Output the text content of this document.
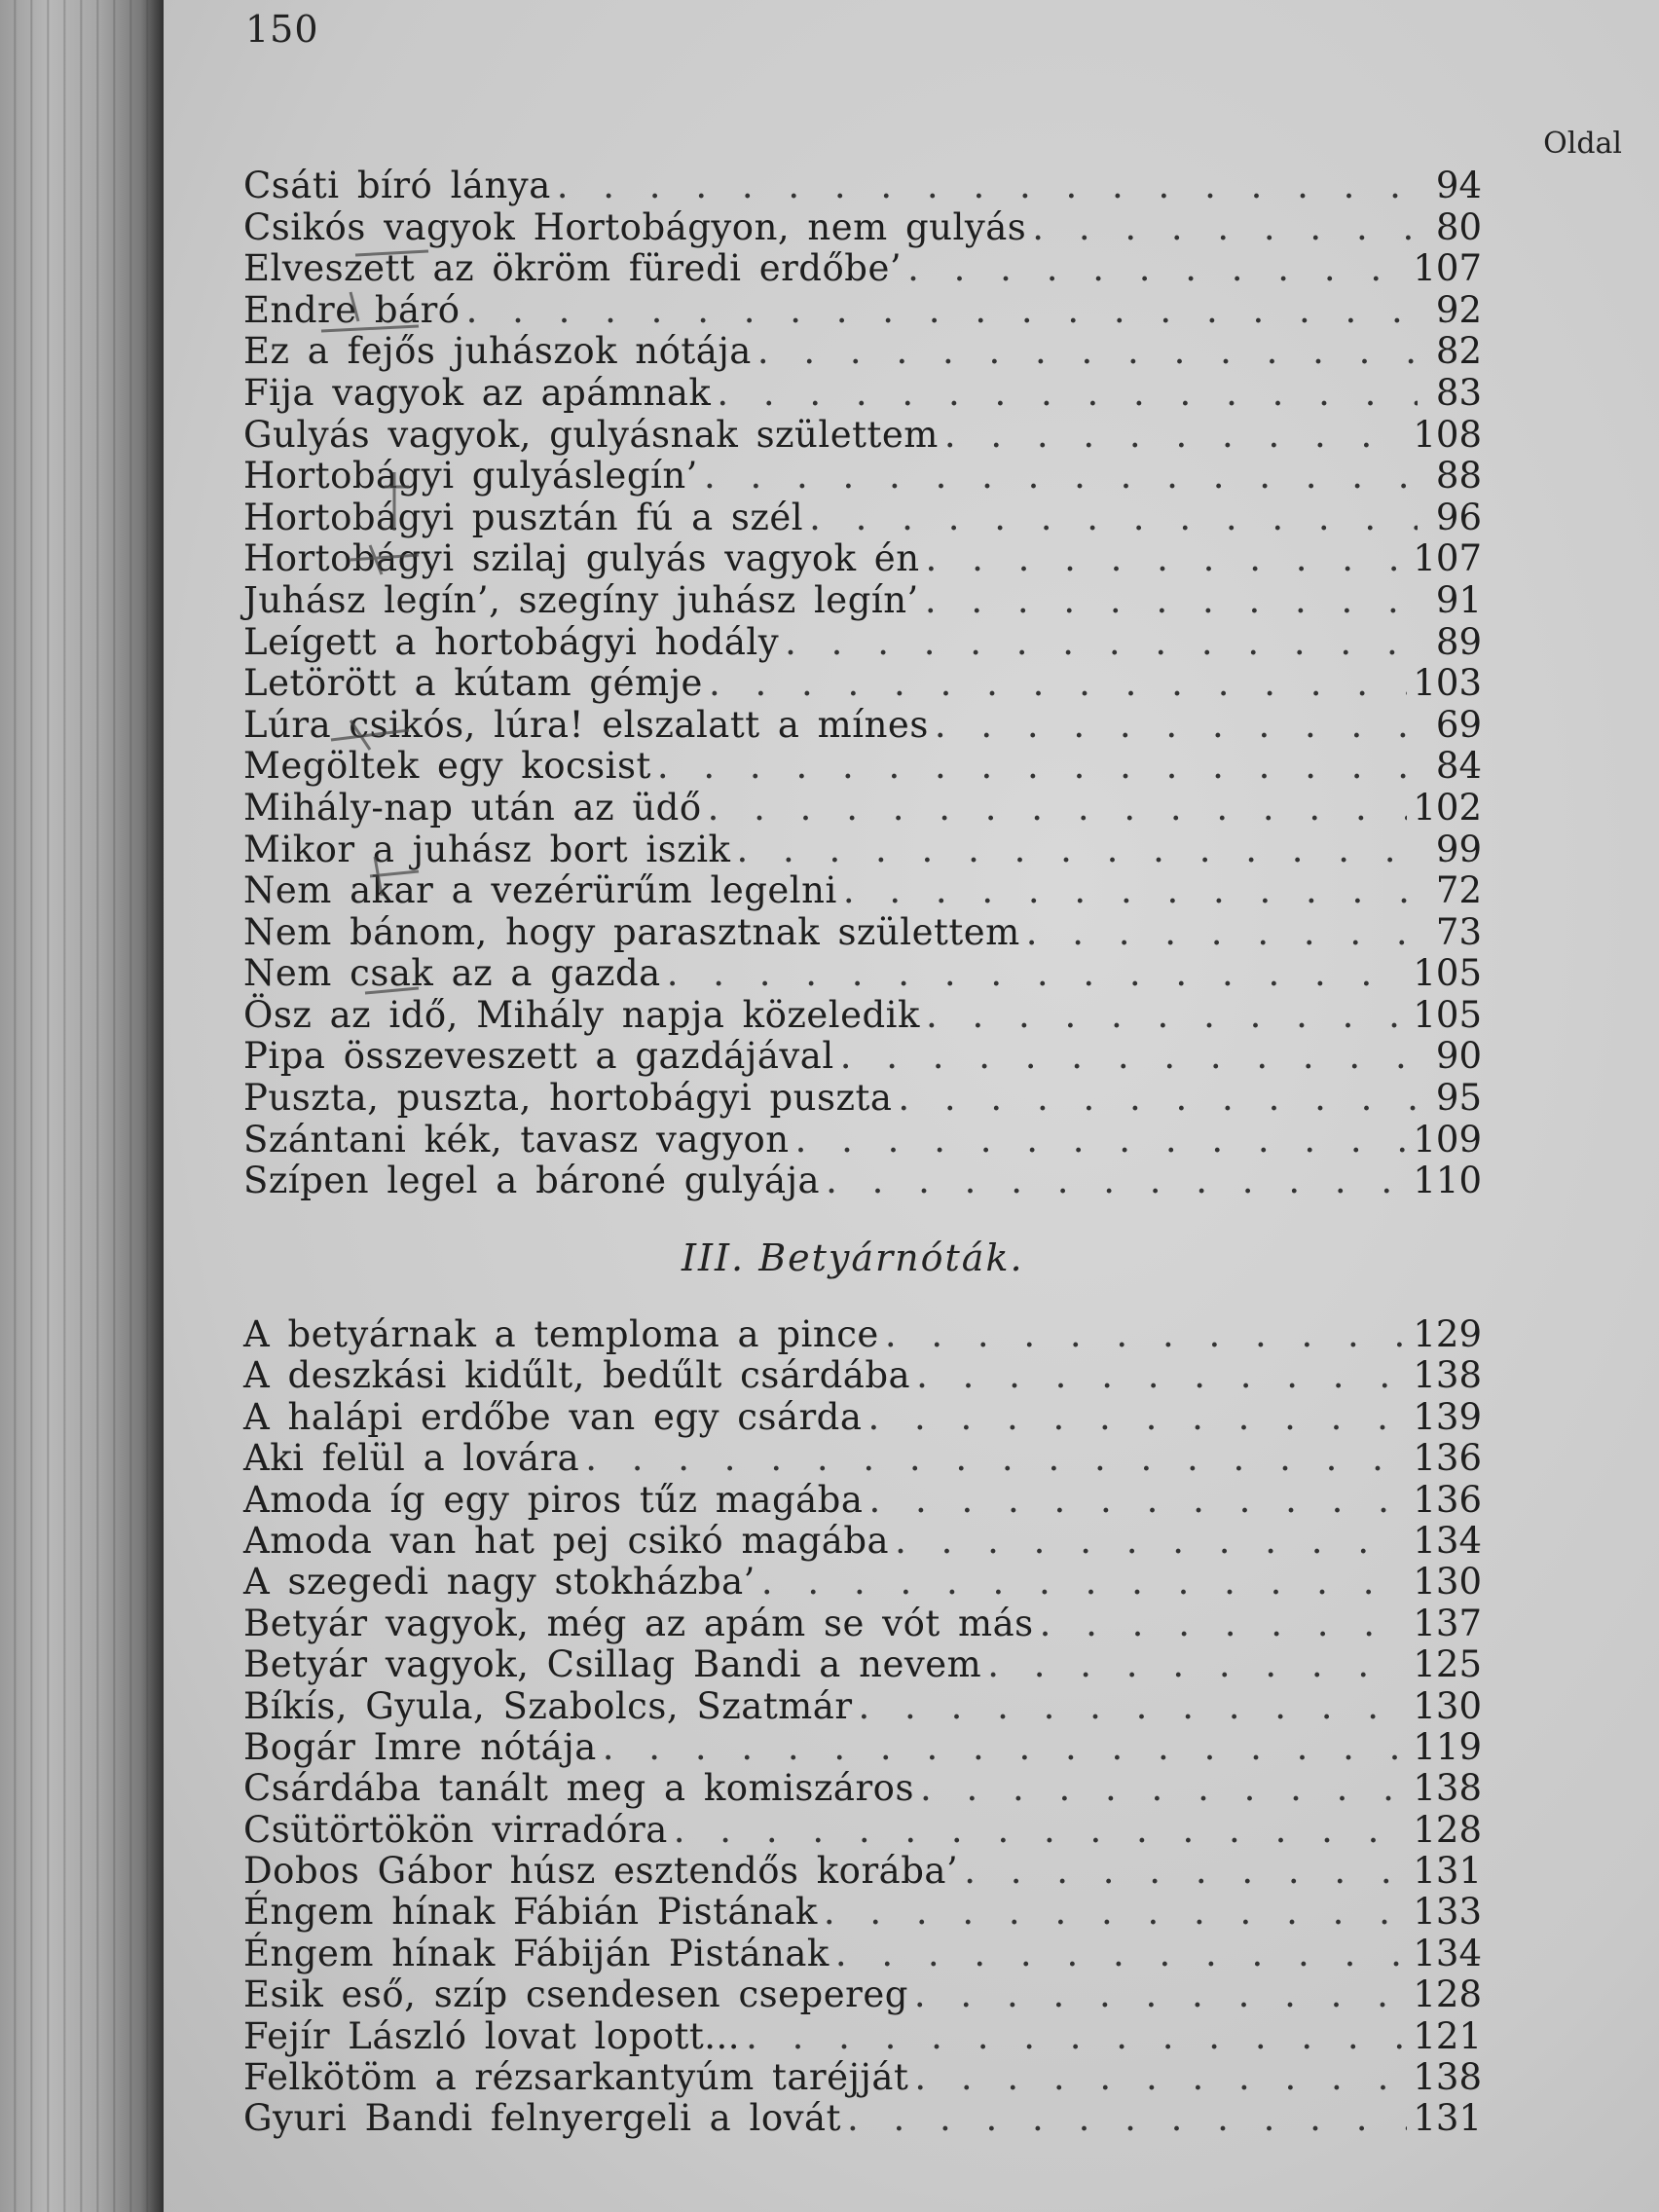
150
Oldal
Csáti bíró lánya . . .	94
Csikós vagyok Hortobágyon, nem gulyás . . .	80
Elveszett az ökröm füredi erdőbe’ . . .	107
Endre báró . . .	92
Ez a fejős juhászok nótája . . .	82
Fija vagyok az apámnak . . .	83
Gulyás vagyok, gulyásnak születtem . . .	108
Hortobágyi gulyáslegín’ . . .	88
Hortobágyi pusztán fú a szél . . .	96
Hortobágyi szilaj gulyás vagyok én . . .	107
Juhász legín’, szegíny juhász legín’ . . .	91
Leígett a hortobágyi hodály . . .	89
Letörött a kútam gémje . . .	103
Lúra csikós, lúra! elszalatt a mínes . . .	69
Megöltek egy kocsist . . .	84
Mihály-nap után az üdő . . .	102
Mikor a juhász bort iszik . . .	99
Nem akar a vezérürűm legelni . . .	72
Nem bánom, hogy parasztnak születtem . . .	73
Nem csak az a gazda . . .	105
Ösz az idő, Mihály napja közeledik . . .	105
Pipa összeveszett a gazdájával . . .	90
Puszta, puszta, hortobágyi puszta . . .	95
Szántani kék, tavasz vagyon . . .	109
Szípen legel a bároné gulyája . . .	110
III. Betyárnóták.
A betyárnak a temploma a pince . . .	129
A deszkási kidűlt, bedűlt csárdába . . .	138
A halápi erdőbe van egy csárda . . .	139
Aki felül a lovára . . .	136
Amoda íg egy piros tűz magába . . .	136
Amoda van hat pej csikó magába . . .	134
A szegedi nagy stokházba’ . . .	130
Betyár vagyok, még az apám se vót más . . .	137
Betyár vagyok, Csillag Bandi a nevem . . .	125
Bíkís, Gyula, Szabolcs, Szatmár . . .	130
Bogár Imre nótája . . .	119
Csárdába tanált meg a komiszáros . . .	138
Csütörtökön virradóra . . .	128
Dobos Gábor húsz esztendős korába’ . . .	131
Éngem hínak Fábián Pistának . . .	133
Éngem hínak Fábiján Pistának . . .	134
Esik eső, szíp csendesen csepereg . . .	128
Fejír László lovat lopott... . . .	121
Felkötöm a rézsarkantyúm taréjját . . .	138
Gyuri Bandi felnyergeli a lovát . . .	131
